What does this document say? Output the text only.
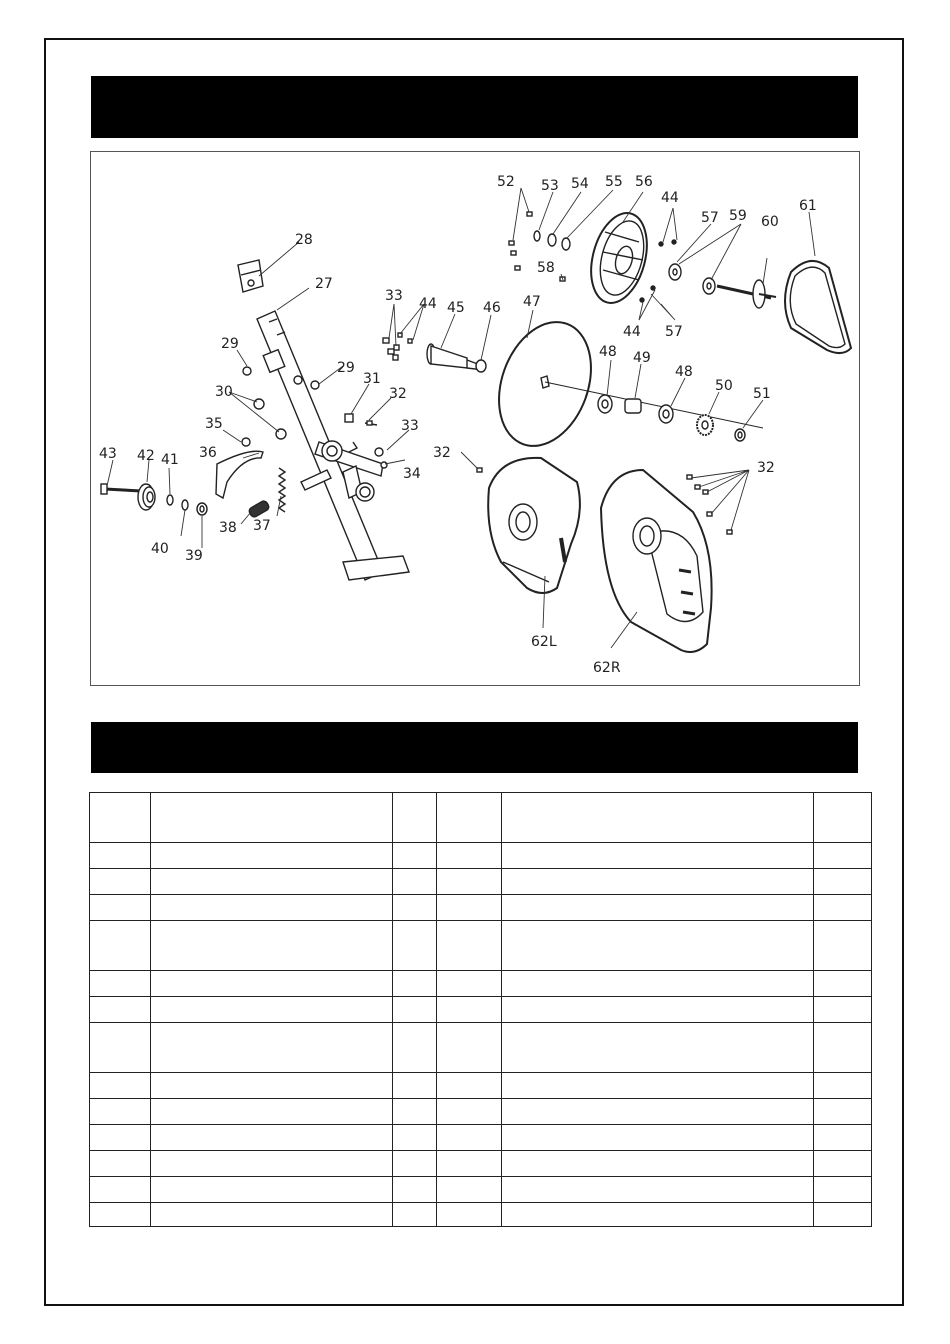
28
27
29
29
30
31
32
33
34
35
36
37
38
39
40
41
42
43
33 44 45 46 47
48 49
48
50 51
52 53 54 55 56
44
57 59 60
61
58
44 57
32
32
62L
62R
